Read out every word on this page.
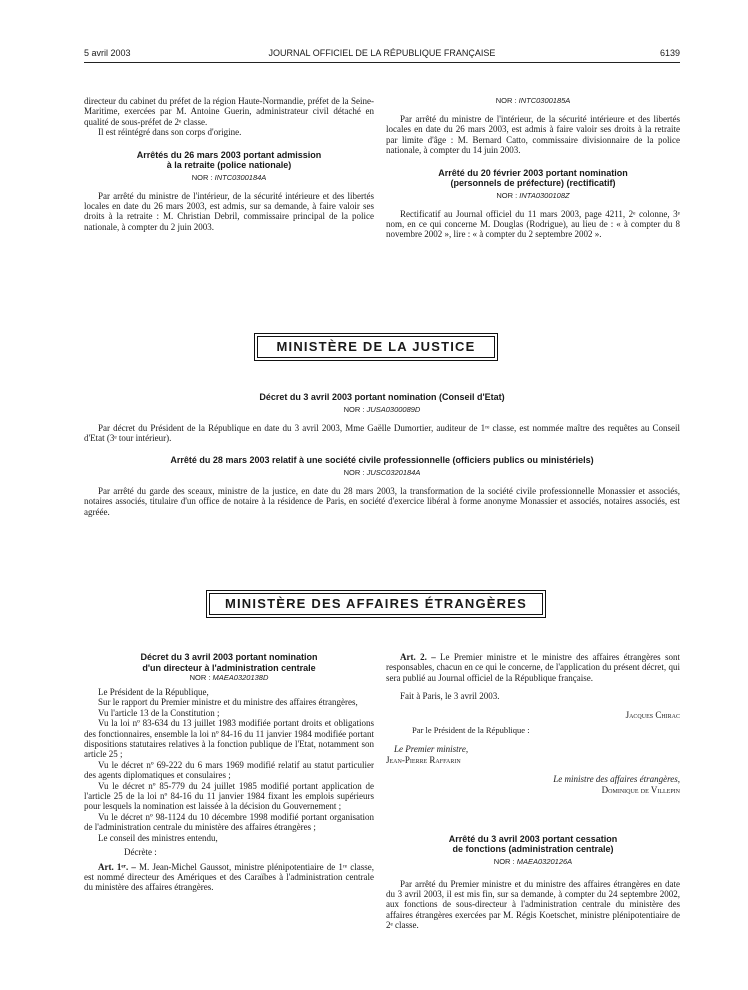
5 avril 2003	JOURNAL OFFICIEL DE LA RÉPUBLIQUE FRANÇAISE	6139

directeur du cabinet du préfet de la région Haute-Normandie, préfet de la Seine-Maritime, exercées par M. Antoine Guerin, administrateur civil détaché en qualité de sous-préfet de 2ᵉ classe.

Il est réintégré dans son corps d'origine.

Arrêtés du 26 mars 2003 portant admission

à la retraite (police nationale)

NOR : INTC0300184A

Par arrêté du ministre de l'intérieur, de la sécurité intérieure et des libertés locales en date du 26 mars 2003, est admis, sur sa demande, à faire valoir ses droits à la retraite : M. Christian Debril, commissaire principal de la police nationale, à compter du 2 juin 2003.

NOR : INTC0300185A

Par arrêté du ministre de l'intérieur, de la sécurité intérieure et des libertés locales en date du 26 mars 2003, est admis à faire valoir ses droits à la retraite par limite d'âge : M. Bernard Catto, commissaire divisionnaire de la police nationale, à compter du 14 juin 2003.

Arrêté du 20 février 2003 portant nomination

(personnels de préfecture) (rectificatif)

NOR : INTA0300108Z

Rectificatif au Journal officiel du 11 mars 2003, page 4211, 2ᵉ colonne, 3ᵉ nom, en ce qui concerne M. Douglas (Rodrigue), au lieu de : « à compter du 8 novembre 2002 », lire : « à compter du 2 septembre 2002 ».

MINISTÈRE DE LA JUSTICE

Décret du 3 avril 2003 portant nomination (Conseil d'Etat)

NOR : JUSA0300089D

Par décret du Président de la République en date du 3 avril 2003, Mme Gaëlle Dumortier, auditeur de 1ʳᵉ classe, est nommée maître des requêtes au Conseil d'Etat (3ᵉ tour intérieur).

Arrêté du 28 mars 2003 relatif à une société civile professionnelle (officiers publics ou ministériels)

NOR : JUSC0320184A

Par arrêté du garde des sceaux, ministre de la justice, en date du 28 mars 2003, la transformation de la société civile professionnelle Monassier et associés, notaires associés, titulaire d'un office de notaire à la résidence de Paris, en société d'exercice libéral à forme anonyme Monassier et associés, notaires associés, est agréée.

MINISTÈRE DES AFFAIRES ÉTRANGÈRES

Décret du 3 avril 2003 portant nomination

d'un directeur à l'administration centrale

NOR : MAEA0320138D

Le Président de la République,

Sur le rapport du Premier ministre et du ministre des affaires étrangères,

Vu l'article 13 de la Constitution ;

Vu la loi nº 83-634 du 13 juillet 1983 modifiée portant droits et obligations des fonctionnaires, ensemble la loi nº 84-16 du 11 janvier 1984 modifiée portant dispositions statutaires relatives à la fonction publique de l'Etat, notamment son article 25 ;

Vu le décret nº 69-222 du 6 mars 1969 modifié relatif au statut particulier des agents diplomatiques et consulaires ;

Vu le décret nº 85-779 du 24 juillet 1985 modifié portant application de l'article 25 de la loi nº 84-16 du 11 janvier 1984 fixant les emplois supérieurs pour lesquels la nomination est laissée à la décision du Gouvernement ;

Vu le décret nº 98-1124 du 10 décembre 1998 modifié portant organisation de l'administration centrale du ministère des affaires étrangères ;

Le conseil des ministres entendu,

Décrète :

Art. 1ᵉʳ. – M. Jean-Michel Gaussot, ministre plénipotentiaire de 1ʳᵉ classe, est nommé directeur des Amériques et des Caraïbes à l'administration centrale du ministère des affaires étrangères.

Art. 2. – Le Premier ministre et le ministre des affaires étrangères sont responsables, chacun en ce qui le concerne, de l'application du présent décret, qui sera publié au Journal officiel de la République française.

Fait à Paris, le 3 avril 2003.

Jacques Chirac

Par le Président de la République :

Le Premier ministre,

Jean-Pierre Raffarin

Le ministre des affaires étrangères,

Dominique de Villepin

Arrêté du 3 avril 2003 portant cessation

de fonctions (administration centrale)

NOR : MAEA0320126A

Par arrêté du Premier ministre et du ministre des affaires étrangères en date du 3 avril 2003, il est mis fin, sur sa demande, à compter du 24 septembre 2002, aux fonctions de sous-directeur à l'administration centrale du ministère des affaires étrangères exercées par M. Régis Koetschet, ministre plénipotentiaire de 2ᵉ classe.
